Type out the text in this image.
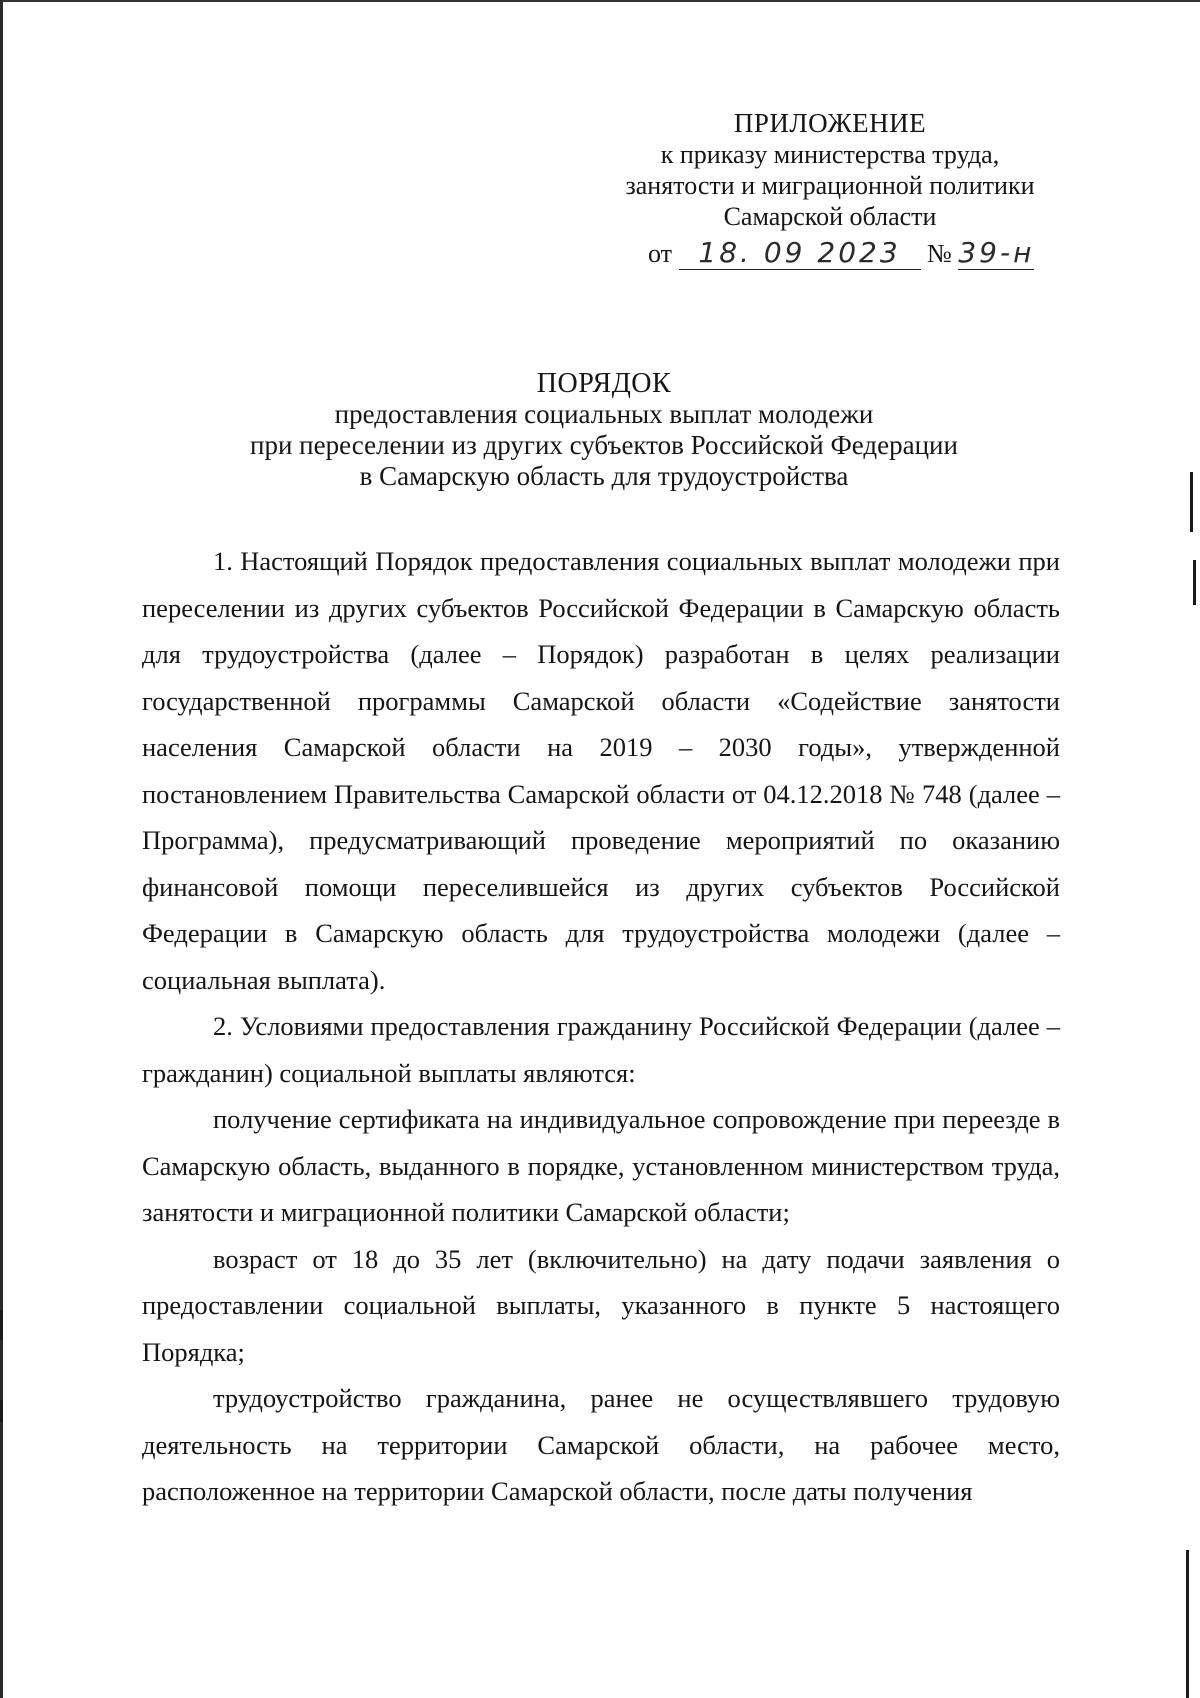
ПРИЛОЖЕНИЕ
к приказу министерства труда,
занятости и миграционной политики
Самарской области
от 18. 09 2023 № 39-н
ПОРЯДОК
предоставления социальных выплат молодежи
при переселении из других субъектов Российской Федерации
в Самарскую область для трудоустройства

1. Настоящий Порядок предоставления социальных выплат молодежи при переселении из других субъектов Российской Федерации в Самарскую область для трудоустройства (далее – Порядок) разработан в целях реализации государственной программы Самарской области «Содействие занятости населения Самарской области на 2019 – 2030 годы», утвержденной постановлением Правительства Самарской области от 04.12.2018 № 748 (далее – Программа), предусматривающий проведение мероприятий по оказанию финансовой помощи переселившейся из других субъектов Российской Федерации в Самарскую область для трудоустройства молодежи (далее – социальная выплата).

2. Условиями предоставления гражданину Российской Федерации (далее – гражданин) социальной выплаты являются:

получение сертификата на индивидуальное сопровождение при переезде в Самарскую область, выданного в порядке, установленном министерством труда, занятости и миграционной политики Самарской области;

возраст от 18 до 35 лет (включительно) на дату подачи заявления о предоставлении социальной выплаты, указанного в пункте 5 настоящего Порядка;

трудоустройство гражданина, ранее не осуществлявшего трудовую деятельность на территории Самарской области, на рабочее место, расположенное на территории Самарской области, после даты получения
